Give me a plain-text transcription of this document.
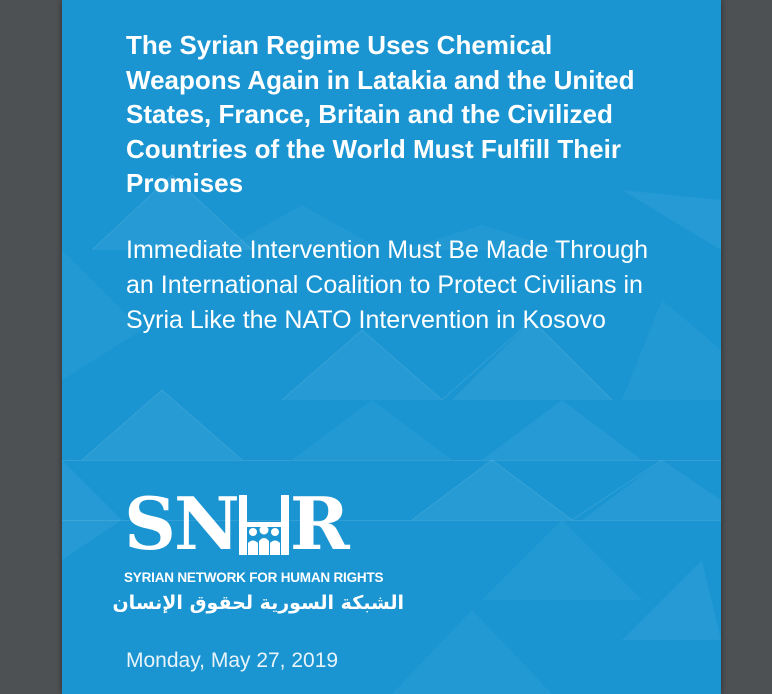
The Syrian Regime Uses Chemical Weapons Again in Latakia and the United States, France, Britain and the Civilized Countries of the World Must Fulfill Their Promises

Immediate Intervention Must Be Made Through an International Coalition to Protect Civilians in Syria Like the NATO Intervention in Kosovo

SN R
SYRIAN NETWORK FOR HUMAN RIGHTS
الشبكة السورية لحقوق الإنسان

Monday, May 27, 2019
